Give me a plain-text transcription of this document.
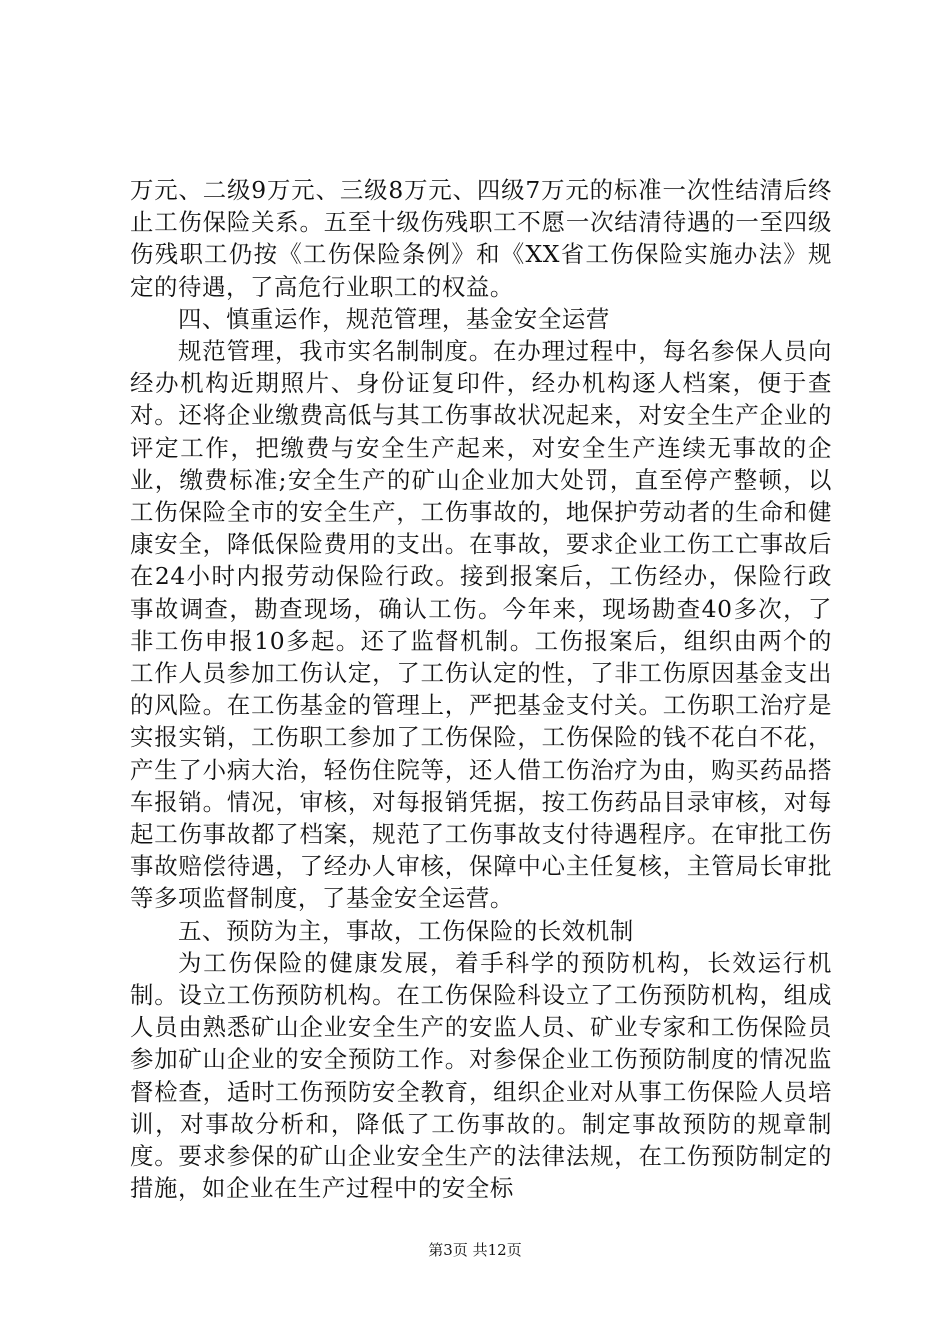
万元、二级9万元、三级8万元、四级7万元的标准一次性结清后终止工伤保险关系。五至十级伤残职工不愿一次结清待遇的一至四级伤残职工仍按《工伤保险条例》和《XX省工伤保险实施办法》规定的待遇，了高危行业职工的权益。

四、慎重运作，规范管理，基金安全运营

规范管理，我市实名制制度。在办理过程中，每名参保人员向经办机构近期照片、身份证复印件，经办机构逐人档案，便于查对。还将企业缴费高低与其工伤事故状况起来，对安全生产企业的评定工作，把缴费与安全生产起来，对安全生产连续无事故的企业，缴费标准;安全生产的矿山企业加大处罚，直至停产整顿，以工伤保险全市的安全生产，工伤事故的，地保护劳动者的生命和健康安全，降低保险费用的支出。在事故，要求企业工伤工亡事故后在24小时内报劳动保险行政。接到报案后，工伤经办，保险行政事故调查，勘查现场，确认工伤。今年来，现场勘查40多次，了非工伤申报10多起。还了监督机制。工伤报案后，组织由两个的工作人员参加工伤认定，了工伤认定的性，了非工伤原因基金支出的风险。在工伤基金的管理上，严把基金支付关。工伤职工治疗是实报实销，工伤职工参加了工伤保险，工伤保险的钱不花白不花，产生了小病大治，轻伤住院等，还人借工伤治疗为由，购买药品搭车报销。情况，审核，对每报销凭据，按工伤药品目录审核，对每起工伤事故都了档案，规范了工伤事故支付待遇程序。在审批工伤事故赔偿待遇，了经办人审核，保障中心主任复核，主管局长审批等多项监督制度，了基金安全运营。

五、预防为主，事故，工伤保险的长效机制

为工伤保险的健康发展，着手科学的预防机构，长效运行机制。设立工伤预防机构。在工伤保险科设立了工伤预防机构，组成人员由熟悉矿山企业安全生产的安监人员、矿业专家和工伤保险员参加矿山企业的安全预防工作。对参保企业工伤预防制度的情况监督检查，适时工伤预防安全教育，组织企业对从事工伤保险人员培训，对事故分析和，降低了工伤事故的。制定事故预防的规章制度。要求参保的矿山企业安全生产的法律法规，在工伤预防制定的措施，如企业在生产过程中的安全标

第3页 共12页
